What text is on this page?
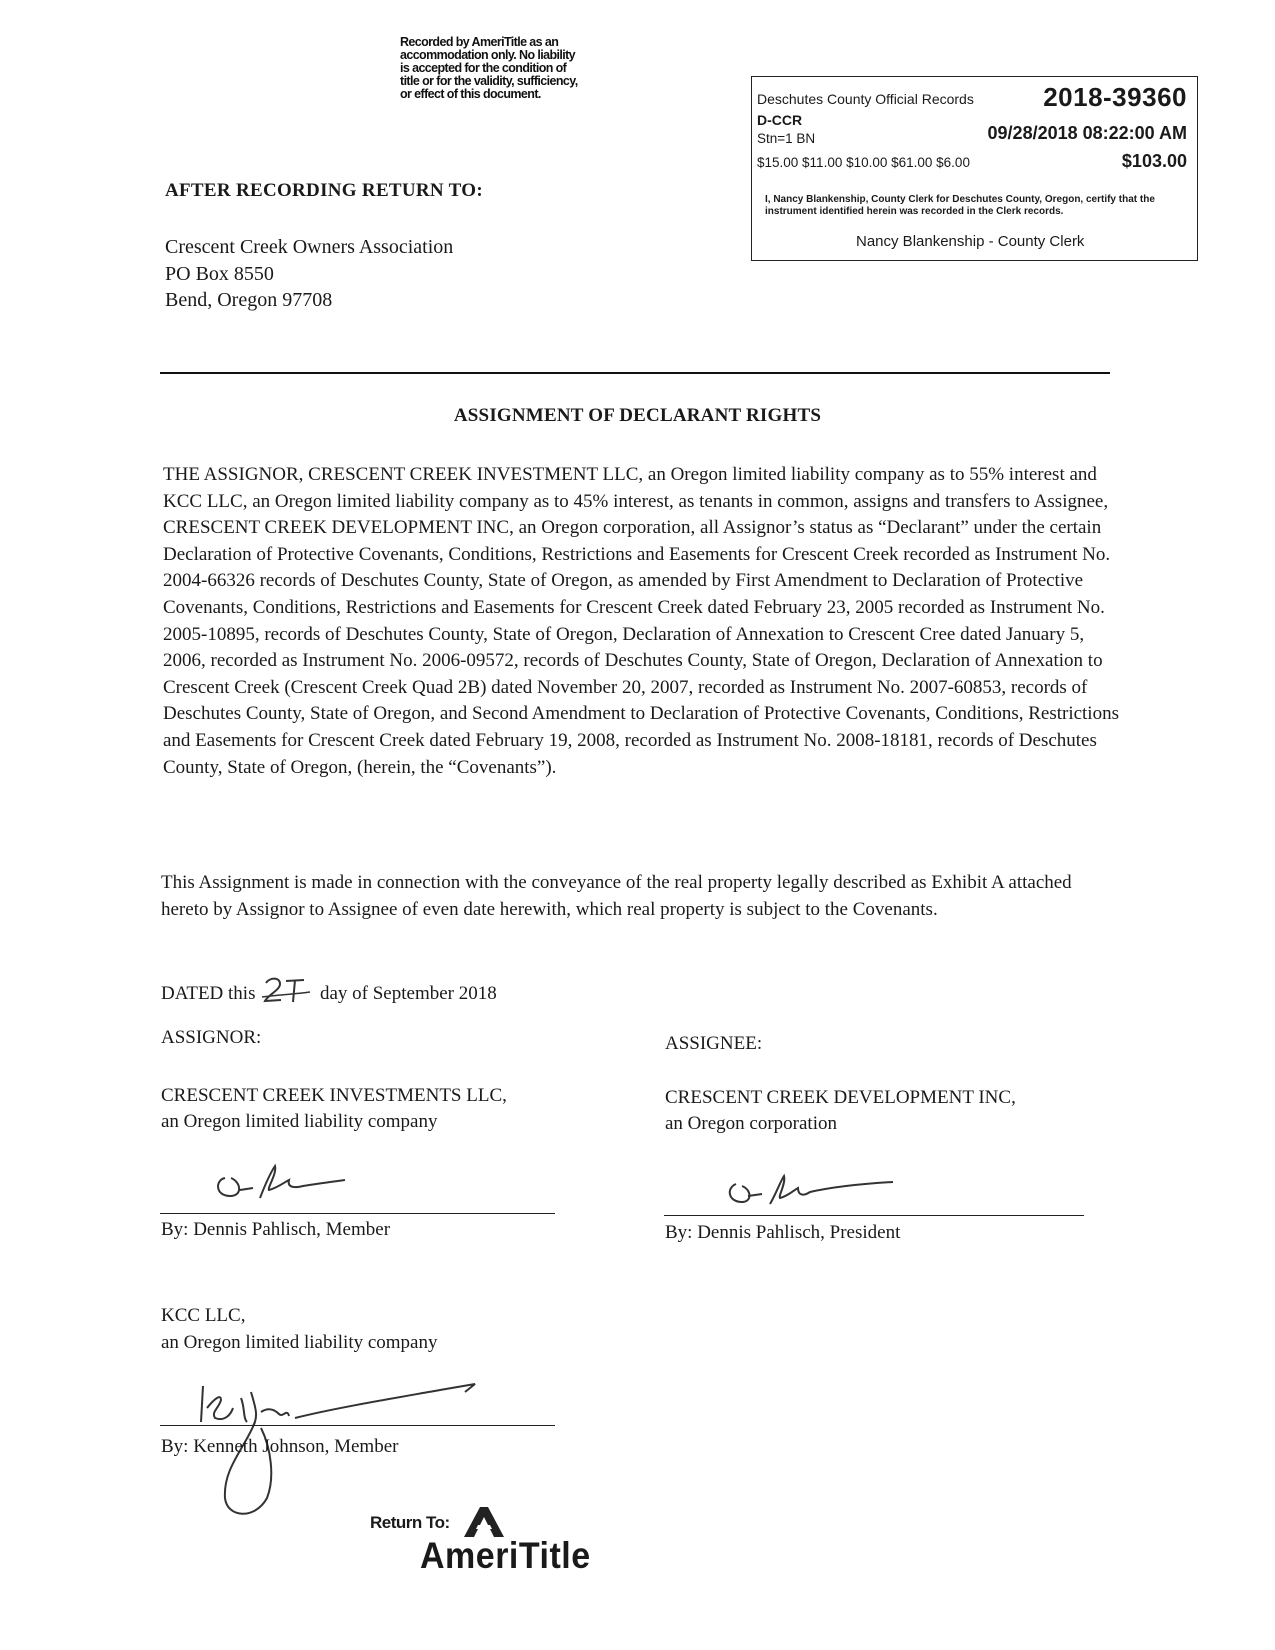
Recorded by AmeriTitle as an
accommodation only. No liability
is accepted for the condition of
title or for the validity, sufficiency,
or effect of this document.	Deschutes County Official Records	2018-39360
D-CCR
Stn=1 BN	09/28/2018 08:22:00 AM
$15.00 $11.00 $10.00 $61.00 $6.00	$103.00
I, Nancy Blankenship, County Clerk for Deschutes County, Oregon, certify that the instrument identified herein was recorded in the Clerk records.
Nancy Blankenship - County Clerk
AFTER RECORDING RETURN TO:
Crescent Creek Owners Association
PO Box 8550
Bend, Oregon 97708
ASSIGNMENT OF DECLARANT RIGHTS
THE ASSIGNOR, CRESCENT CREEK INVESTMENT LLC, an Oregon limited liability company as to 55% interest and KCC LLC, an Oregon limited liability company as to 45% interest, as tenants in common, assigns and transfers to Assignee, CRESCENT CREEK DEVELOPMENT INC, an Oregon corporation, all Assignor’s status as “Declarant” under the certain Declaration of Protective Covenants, Conditions, Restrictions and Easements for Crescent Creek recorded as Instrument No. 2004-66326 records of Deschutes County, State of Oregon, as amended by First Amendment to Declaration of Protective Covenants, Conditions, Restrictions and Easements for Crescent Creek dated February 23, 2005 recorded as Instrument No. 2005-10895, records of Deschutes County, State of Oregon, Declaration of Annexation to Crescent Cree dated January 5, 2006, recorded as Instrument No. 2006-09572, records of Deschutes County, State of Oregon, Declaration of Annexation to Crescent Creek (Crescent Creek Quad 2B) dated November 20, 2007, recorded as Instrument No. 2007-60853, records of Deschutes County, State of Oregon, and Second Amendment to Declaration of Protective Covenants, Conditions, Restrictions and Easements for Crescent Creek dated February 19, 2008, recorded as Instrument No. 2008-18181, records of Deschutes County, State of Oregon, (herein, the “Covenants”).
This Assignment is made in connection with the conveyance of the real property legally described as Exhibit A attached hereto by Assignor to Assignee of even date herewith, which real property is subject to the Covenants.
DATED this	day of September 2018
ASSIGNOR:
CRESCENT CREEK INVESTMENTS LLC,
an Oregon limited liability company
By: Dennis Pahlisch, Member
ASSIGNEE:
CRESCENT CREEK DEVELOPMENT INC,
an Oregon corporation
By: Dennis Pahlisch, President
KCC LLC,
an Oregon limited liability company
By: Kenneth Johnson, Member
Return To:
AmeriTitle
